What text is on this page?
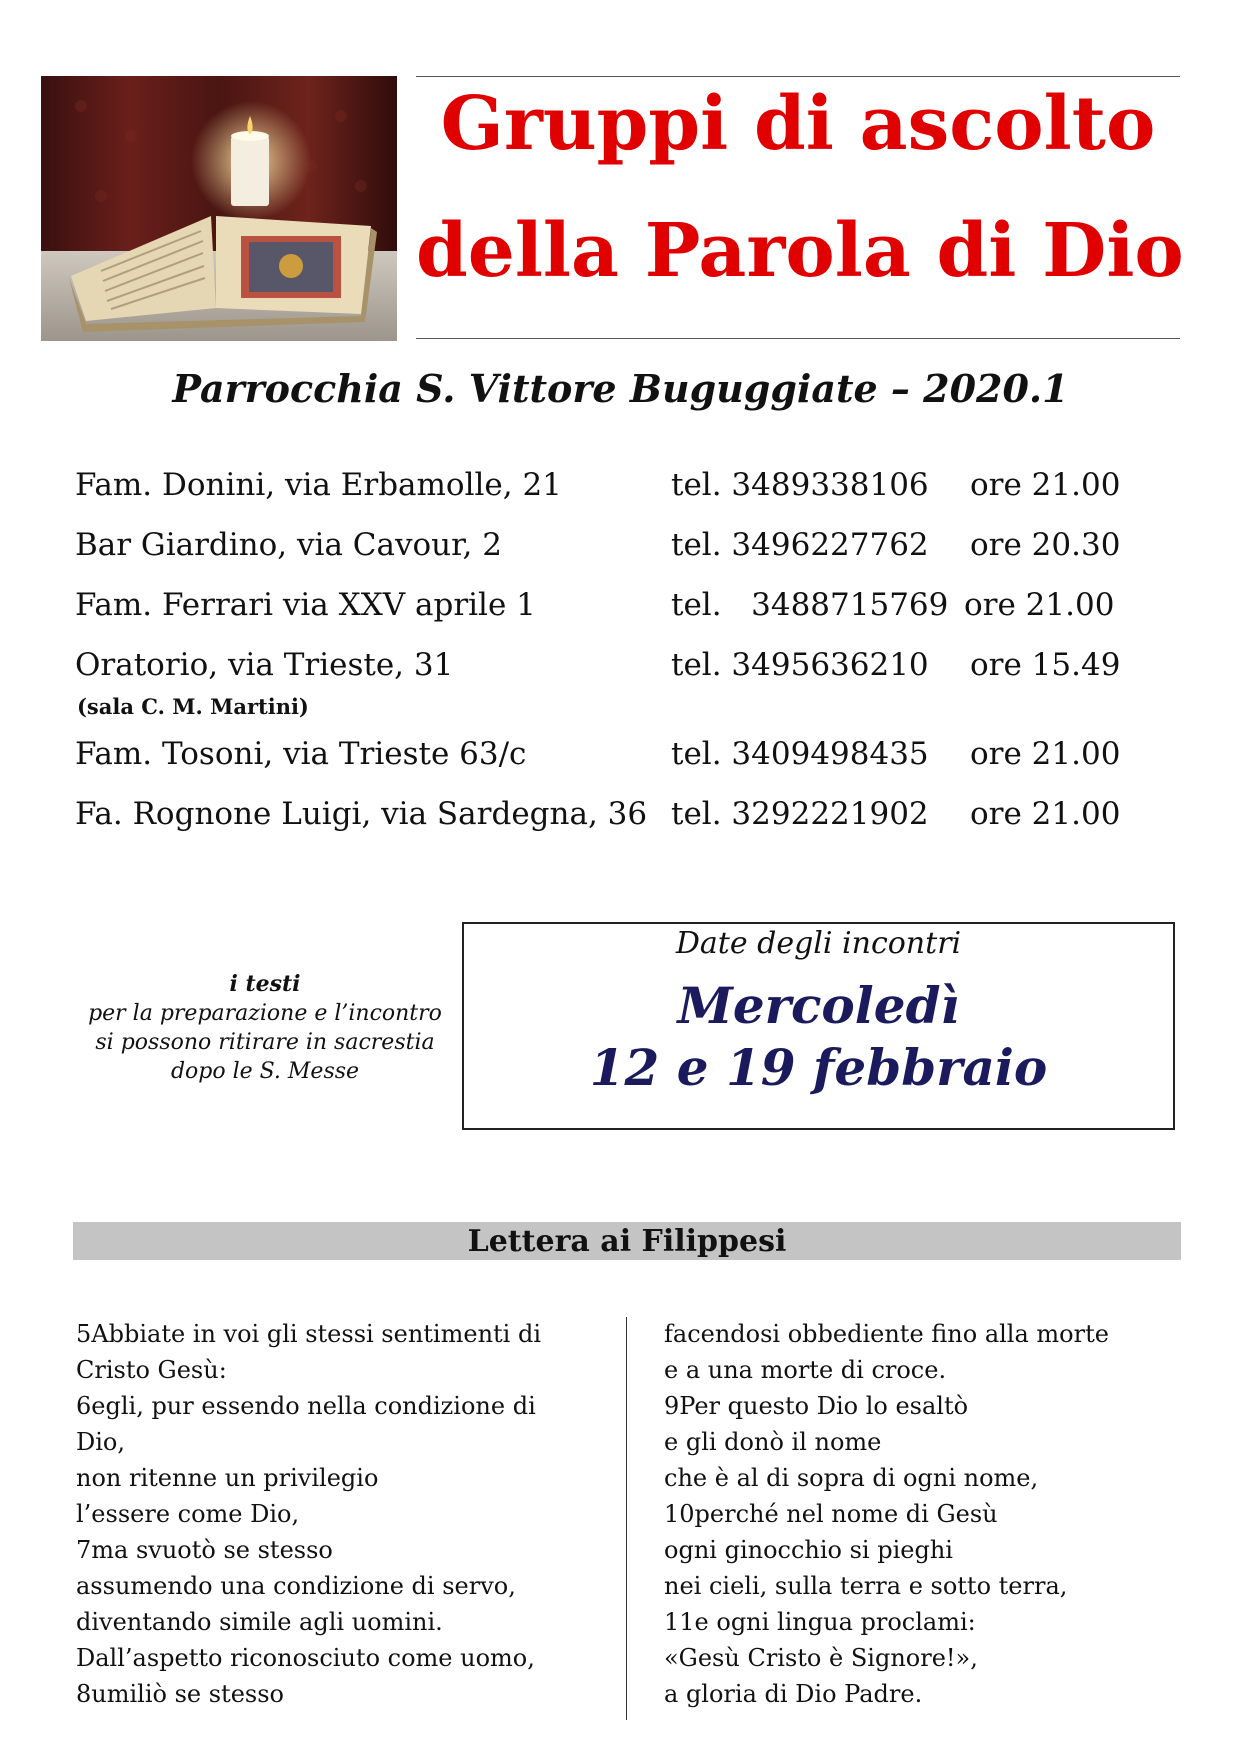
Gruppi di ascolto
della Parola di Dio
Parrocchia S. Vittore Buguggiate – 2020.1
Fam. Donini, via Erbamolle, 21	tel. 3489338106 ore 21.00
Bar Giardino, via Cavour, 2	tel. 3496227762 ore 20.30
Fam. Ferrari via XXV aprile 1	tel.   3488715769 ore 21.00
Oratorio, via Trieste, 31	tel. 3495636210 ore 15.49
(sala C. M. Martini)
Fam. Tosoni, via Trieste 63/c	tel. 3409498435 ore 21.00
Fa. Rognone Luigi, via Sardegna, 36 tel. 3292221902 ore 21.00
i testi
per la preparazione e l’incontro
si possono ritirare in sacrestia
dopo le S. Messe
Date degli incontri
Mercoledì
12 e 19 febbraio
Lettera ai Filippesi
5Abbiate in voi gli stessi sentimenti di
Cristo Gesù:
6egli, pur essendo nella condizione di
Dio,
non ritenne un privilegio
l’essere come Dio,
7ma svuotò se stesso
assumendo una condizione di servo,
diventando simile agli uomini.
Dall’aspetto riconosciuto come uomo,
8umiliò se stesso
facendosi obbediente fino alla morte
e a una morte di croce.
9Per questo Dio lo esaltò
e gli donò il nome
che è al di sopra di ogni nome,
10perché nel nome di Gesù
ogni ginocchio si pieghi
nei cieli, sulla terra e sotto terra,
11e ogni lingua proclami:
«Gesù Cristo è Signore!»,
a gloria di Dio Padre.
